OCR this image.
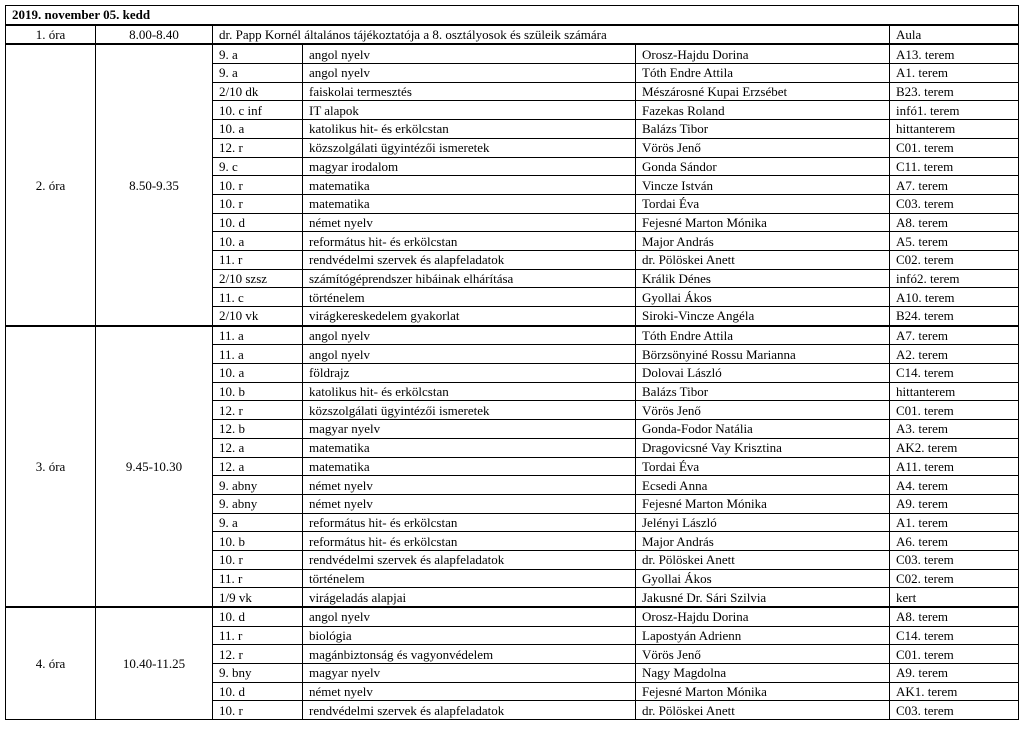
2019. november 05. kedd					
1. óra	8.00-8.40	dr. Papp Kornél általános tájékoztatója a 8. osztályosok és szüleik számára			Aula
2. óra	8.50-9.35	9. a	angol nyelv	Orosz-Hajdu Dorina	A13. terem
		9. a	angol nyelv	Tóth Endre Attila	A1. terem
		2/10 dk	faiskolai termesztés	Mészárosné Kupai Erzsébet	B23. terem
		10. c inf	IT alapok	Fazekas Roland	infó1. terem
		10. a	katolikus hit- és erkölcstan	Balázs Tibor	hittanterem
		12. r	közszolgálati ügyintézői ismeretek	Vörös Jenő	C01. terem
		9. c	magyar irodalom	Gonda Sándor	C11. terem
		10. r	matematika	Vincze István	A7. terem
		10. r	matematika	Tordai Éva	C03. terem
		10. d	német nyelv	Fejesné Marton Mónika	A8. terem
		10. a	református hit- és erkölcstan	Major András	A5. terem
		11. r	rendvédelmi szervek és alapfeladatok	dr. Pölöskei Anett	C02. terem
		2/10 szsz	számítógéprendszer hibáinak elhárítása	Králik Dénes	infó2. terem
		11. c	történelem	Gyollai Ákos	A10. terem
		2/10 vk	virágkereskedelem gyakorlat	Siroki-Vincze Angéla	B24. terem
3. óra	9.45-10.30	11. a	angol nyelv	Tóth Endre Attila	A7. terem
		11. a	angol nyelv	Börzsönyiné Rossu Marianna	A2. terem
		10. a	földrajz	Dolovai László	C14. terem
		10. b	katolikus hit- és erkölcstan	Balázs Tibor	hittanterem
		12. r	közszolgálati ügyintézői ismeretek	Vörös Jenő	C01. terem
		12. b	magyar nyelv	Gonda-Fodor Natália	A3. terem
		12. a	matematika	Dragovicsné Vay Krisztina	AK2. terem
		12. a	matematika	Tordai Éva	A11. terem
		9. abny	német nyelv	Ecsedi Anna	A4. terem
		9. abny	német nyelv	Fejesné Marton Mónika	A9. terem
		9. a	református hit- és erkölcstan	Jelényi László	A1. terem
		10. b	református hit- és erkölcstan	Major András	A6. terem
		10. r	rendvédelmi szervek és alapfeladatok	dr. Pölöskei Anett	C03. terem
		11. r	történelem	Gyollai Ákos	C02. terem
		1/9 vk	virágeladás alapjai	Jakusné Dr. Sári Szilvia	kert
4. óra	10.40-11.25	10. d	angol nyelv	Orosz-Hajdu Dorina	A8. terem
		11. r	biológia	Lapostyán Adrienn	C14. terem
		12. r	magánbiztonság és vagyonvédelem	Vörös Jenő	C01. terem
		9. bny	magyar nyelv	Nagy Magdolna	A9. terem
		10. d	német nyelv	Fejesné Marton Mónika	AK1. terem
		10. r	rendvédelmi szervek és alapfeladatok	dr. Pölöskei Anett	C03. terem
